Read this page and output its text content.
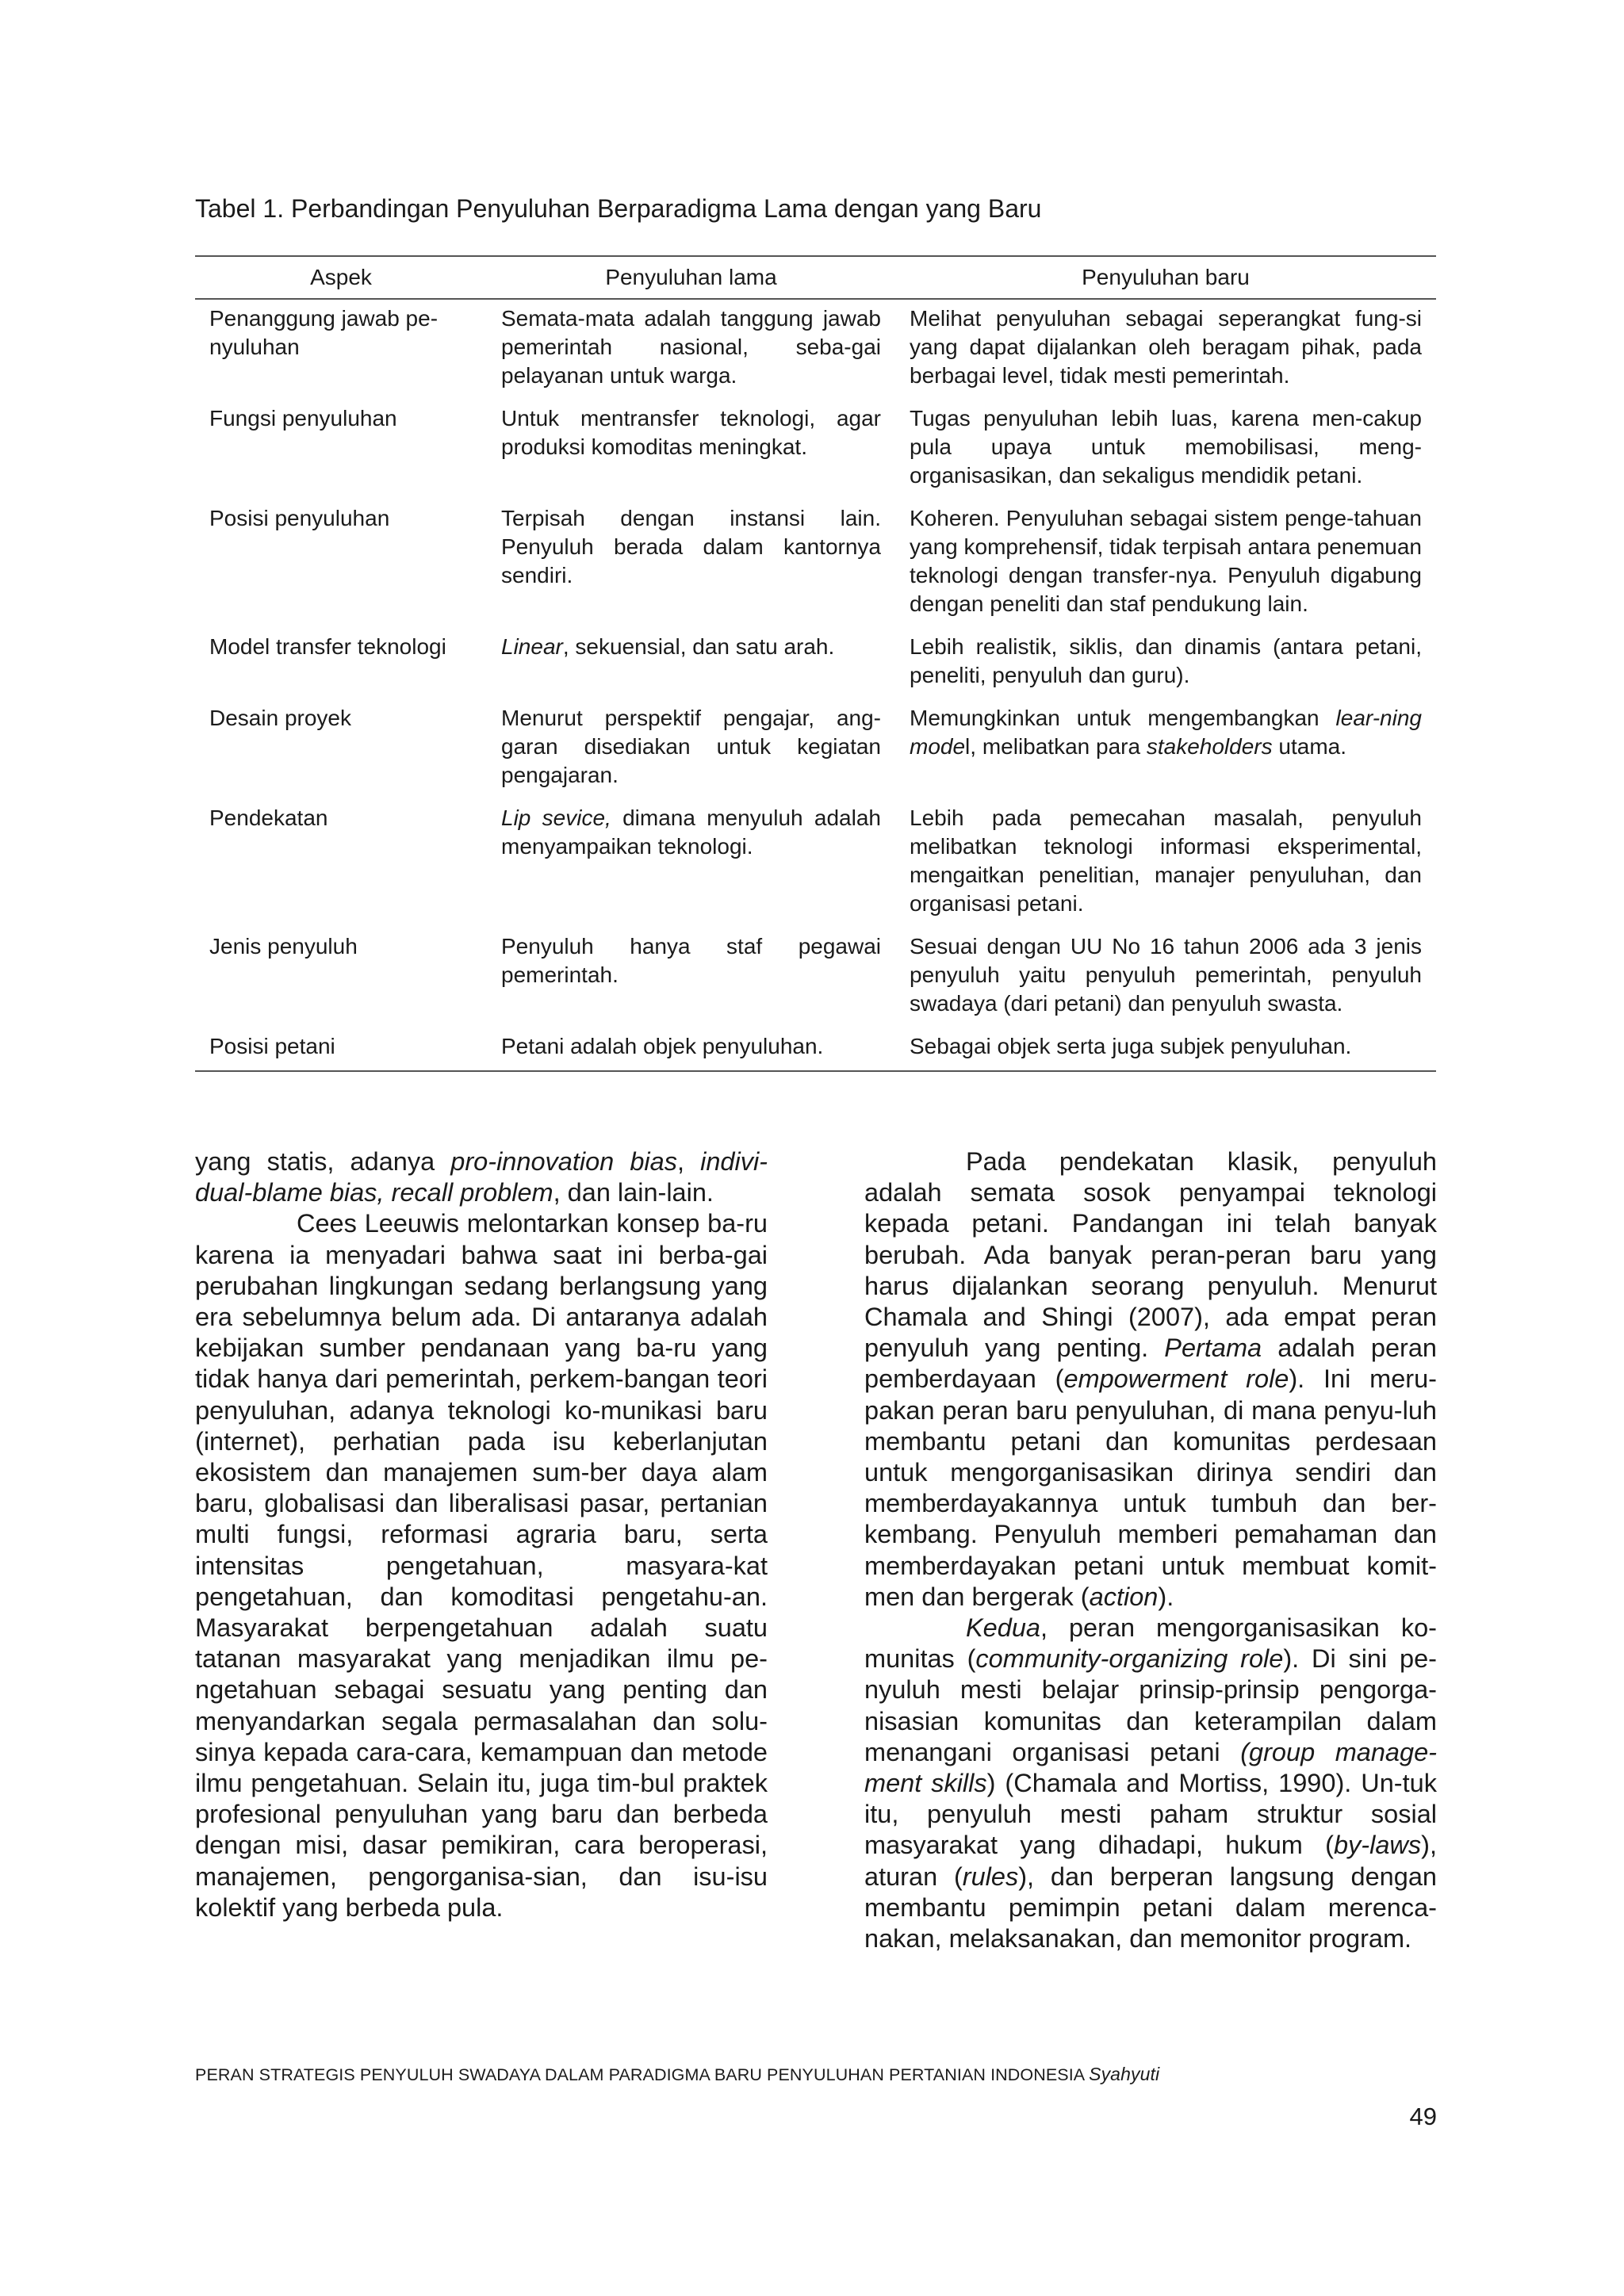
Tabel 1. Perbandingan Penyuluhan Berparadigma Lama dengan yang Baru
Aspek	Penyuluhan lama	Penyuluhan baru
Penanggung jawab pe-nyuluhan	Semata-mata adalah tanggung jawab pemerintah nasional, seba-gai pelayanan untuk warga.	Melihat penyuluhan sebagai seperangkat fung-si yang dapat dijalankan oleh beragam pihak, pada berbagai level, tidak mesti pemerintah.
Fungsi penyuluhan	Untuk mentransfer teknologi, agar produksi komoditas meningkat.	Tugas penyuluhan lebih luas, karena men-cakup pula upaya untuk memobilisasi, meng-organisasikan, dan sekaligus mendidik petani.
Posisi penyuluhan	Terpisah dengan instansi lain. Penyuluh berada dalam kantornya sendiri.	Koheren. Penyuluhan sebagai sistem penge-tahuan yang komprehensif, tidak terpisah antara penemuan teknologi dengan transfer-nya. Penyuluh digabung dengan peneliti dan staf pendukung lain.
Model transfer teknologi	Linear, sekuensial, dan satu arah.	Lebih realistik, siklis, dan dinamis (antara petani, peneliti, penyuluh dan guru).
Desain proyek	Menurut perspektif pengajar, ang-garan disediakan untuk kegiatan pengajaran.	Memungkinkan untuk mengembangkan lear-ning model, melibatkan para stakeholders utama.
Pendekatan	Lip sevice, dimana menyuluh adalah menyampaikan teknologi.	Lebih pada pemecahan masalah, penyuluh melibatkan teknologi informasi eksperimental, mengaitkan penelitian, manajer penyuluhan, dan organisasi petani.
Jenis penyuluh	Penyuluh hanya staf pegawai pemerintah.	Sesuai dengan UU No 16 tahun 2006 ada 3 jenis penyuluh yaitu penyuluh pemerintah, penyuluh swadaya (dari petani) dan penyuluh swasta.
Posisi petani	Petani adalah objek penyuluhan.	Sebagai objek serta juga subjek penyuluhan.

yang statis, adanya pro-innovation bias, indivi-dual-blame bias, recall problem, dan lain-lain.

Cees Leeuwis melontarkan konsep ba-ru karena ia menyadari bahwa saat ini berba-gai perubahan lingkungan sedang berlangsung yang era sebelumnya belum ada. Di antaranya adalah kebijakan sumber pendanaan yang ba-ru yang tidak hanya dari pemerintah, perkem-bangan teori penyuluhan, adanya teknologi ko-munikasi baru (internet), perhatian pada isu keberlanjutan ekosistem dan manajemen sum-ber daya alam baru, globalisasi dan liberalisasi pasar, pertanian multi fungsi, reformasi agraria baru, serta intensitas pengetahuan, masyara-kat pengetahuan, dan komoditasi pengetahu-an. Masyarakat berpengetahuan adalah suatu tatanan masyarakat yang menjadikan ilmu pe-ngetahuan sebagai sesuatu yang penting dan menyandarkan segala permasalahan dan solu-sinya kepada cara-cara, kemampuan dan metode ilmu pengetahuan. Selain itu, juga tim-bul praktek profesional penyuluhan yang baru dan berbeda dengan misi, dasar pemikiran, cara beroperasi, manajemen, pengorganisa-sian, dan isu-isu kolektif yang berbeda pula.

Pada pendekatan klasik, penyuluh adalah semata sosok penyampai teknologi kepada petani. Pandangan ini telah banyak berubah. Ada banyak peran-peran baru yang harus dijalankan seorang penyuluh. Menurut Chamala and Shingi (2007), ada empat peran penyuluh yang penting. Pertama adalah peran pemberdayaan (empowerment role). Ini meru-pakan peran baru penyuluhan, di mana penyu-luh membantu petani dan komunitas perdesaan untuk mengorganisasikan dirinya sendiri dan memberdayakannya untuk tumbuh dan ber-kembang. Penyuluh memberi pemahaman dan memberdayakan petani untuk membuat komit-men dan bergerak (action).

Kedua, peran mengorganisasikan ko-munitas (community-organizing role). Di sini pe-nyuluh mesti belajar prinsip-prinsip pengorga-nisasian komunitas dan keterampilan dalam menangani organisasi petani (group manage-ment skills) (Chamala and Mortiss, 1990). Un-tuk itu, penyuluh mesti paham struktur sosial masyarakat yang dihadapi, hukum (by-laws), aturan (rules), dan berperan langsung dengan membantu pemimpin petani dalam merenca-nakan, melaksanakan, dan memonitor program.

PERAN STRATEGIS PENYULUH SWADAYA DALAM PARADIGMA BARU PENYULUHAN PERTANIAN INDONESIA Syahyuti
49
